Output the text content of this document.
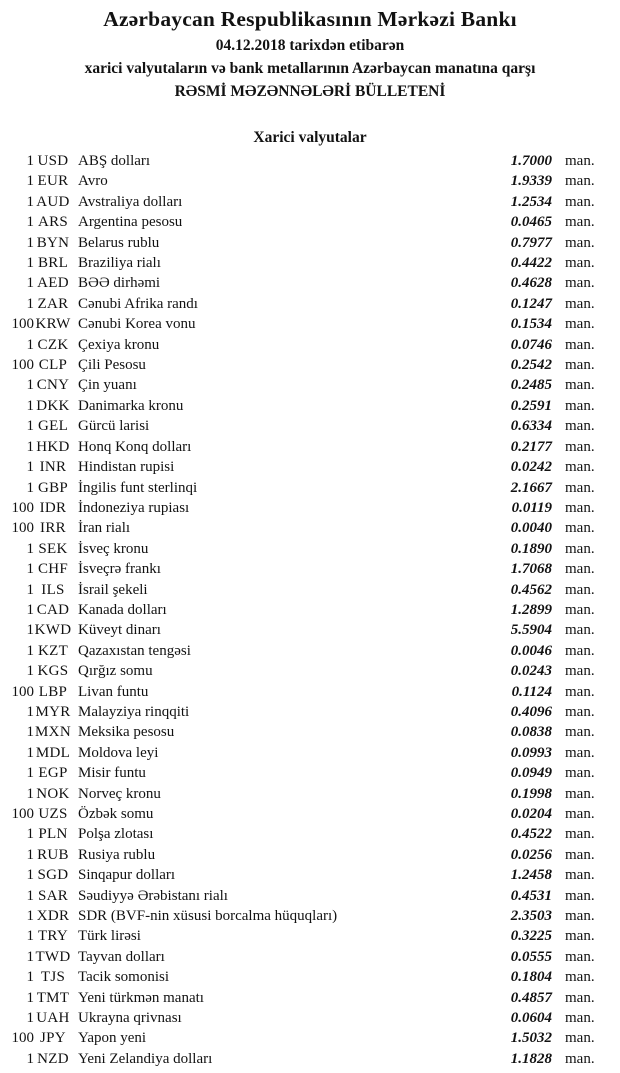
Azərbaycan Respublikasının Mərkəzi Bankı
04.12.2018 tarixdən etibarən
xarici valyutaların və bank metallarının Azərbaycan manatına qarşı
RƏSMİ MƏZƏNNƏLƏRİ BÜLLETENİ
Xarici valyutalar
1 USD ABŞ dolları	1.7000 man.
1 EUR Avro	1.9339 man.
1 AUD Avstraliya dolları	1.2534 man.
1 ARS Argentina pesosu	0.0465 man.
1 BYN Belarus rublu	0.7977 man.
1 BRL Braziliya rialı	0.4422 man.
1 AED BƏƏ dirhəmi	0.4628 man.
1 ZAR Cənubi Afrika randı	0.1247 man.
100 KRW Cənubi Korea vonu	0.1534 man.
1 CZK Çexiya kronu	0.0746 man.
100 CLP Çili Pesosu	0.2542 man.
1 CNY Çin yuanı	0.2485 man.
1 DKK Danimarka kronu	0.2591 man.
1 GEL Gürcü larisi	0.6334 man.
1 HKD Honq Konq dolları	0.2177 man.
1 INR Hindistan rupisi	0.0242 man.
1 GBP İngilis funt sterlinqi	2.1667 man.
100 IDR İndoneziya rupiası	0.0119 man.
100 IRR İran rialı	0.0040 man.
1 SEK İsveç kronu	0.1890 man.
1 CHF İsveçrə frankı	1.7068 man.
1 ILS İsrail şekeli	0.4562 man.
1 CAD Kanada dolları	1.2899 man.
1 KWD Küveyt dinarı	5.5904 man.
1 KZT Qazaxıstan tengəsi	0.0046 man.
1 KGS Qırğız somu	0.0243 man.
100 LBP Livan funtu	0.1124 man.
1 MYR Malayziya rinqqiti	0.4096 man.
1 MXN Meksika pesosu	0.0838 man.
1 MDL Moldova leyi	0.0993 man.
1 EGP Misir funtu	0.0949 man.
1 NOK Norveç kronu	0.1998 man.
100 UZS Özbək somu	0.0204 man.
1 PLN Polşa zlotası	0.4522 man.
1 RUB Rusiya rublu	0.0256 man.
1 SGD Sinqapur dolları	1.2458 man.
1 SAR Səudiyyə Ərəbistanı rialı	0.4531 man.
1 XDR SDR (BVF-nin xüsusi borcalma hüquqları)	2.3503 man.
1 TRY Türk lirəsi	0.3225 man.
1 TWD Tayvan dolları	0.0555 man.
1 TJS Tacik somonisi	0.1804 man.
1 TMT Yeni türkmən manatı	0.4857 man.
1 UAH Ukrayna qrivnası	0.0604 man.
100 JPY Yapon yeni	1.5032 man.
1 NZD Yeni Zelandiya dolları	1.1828 man.
